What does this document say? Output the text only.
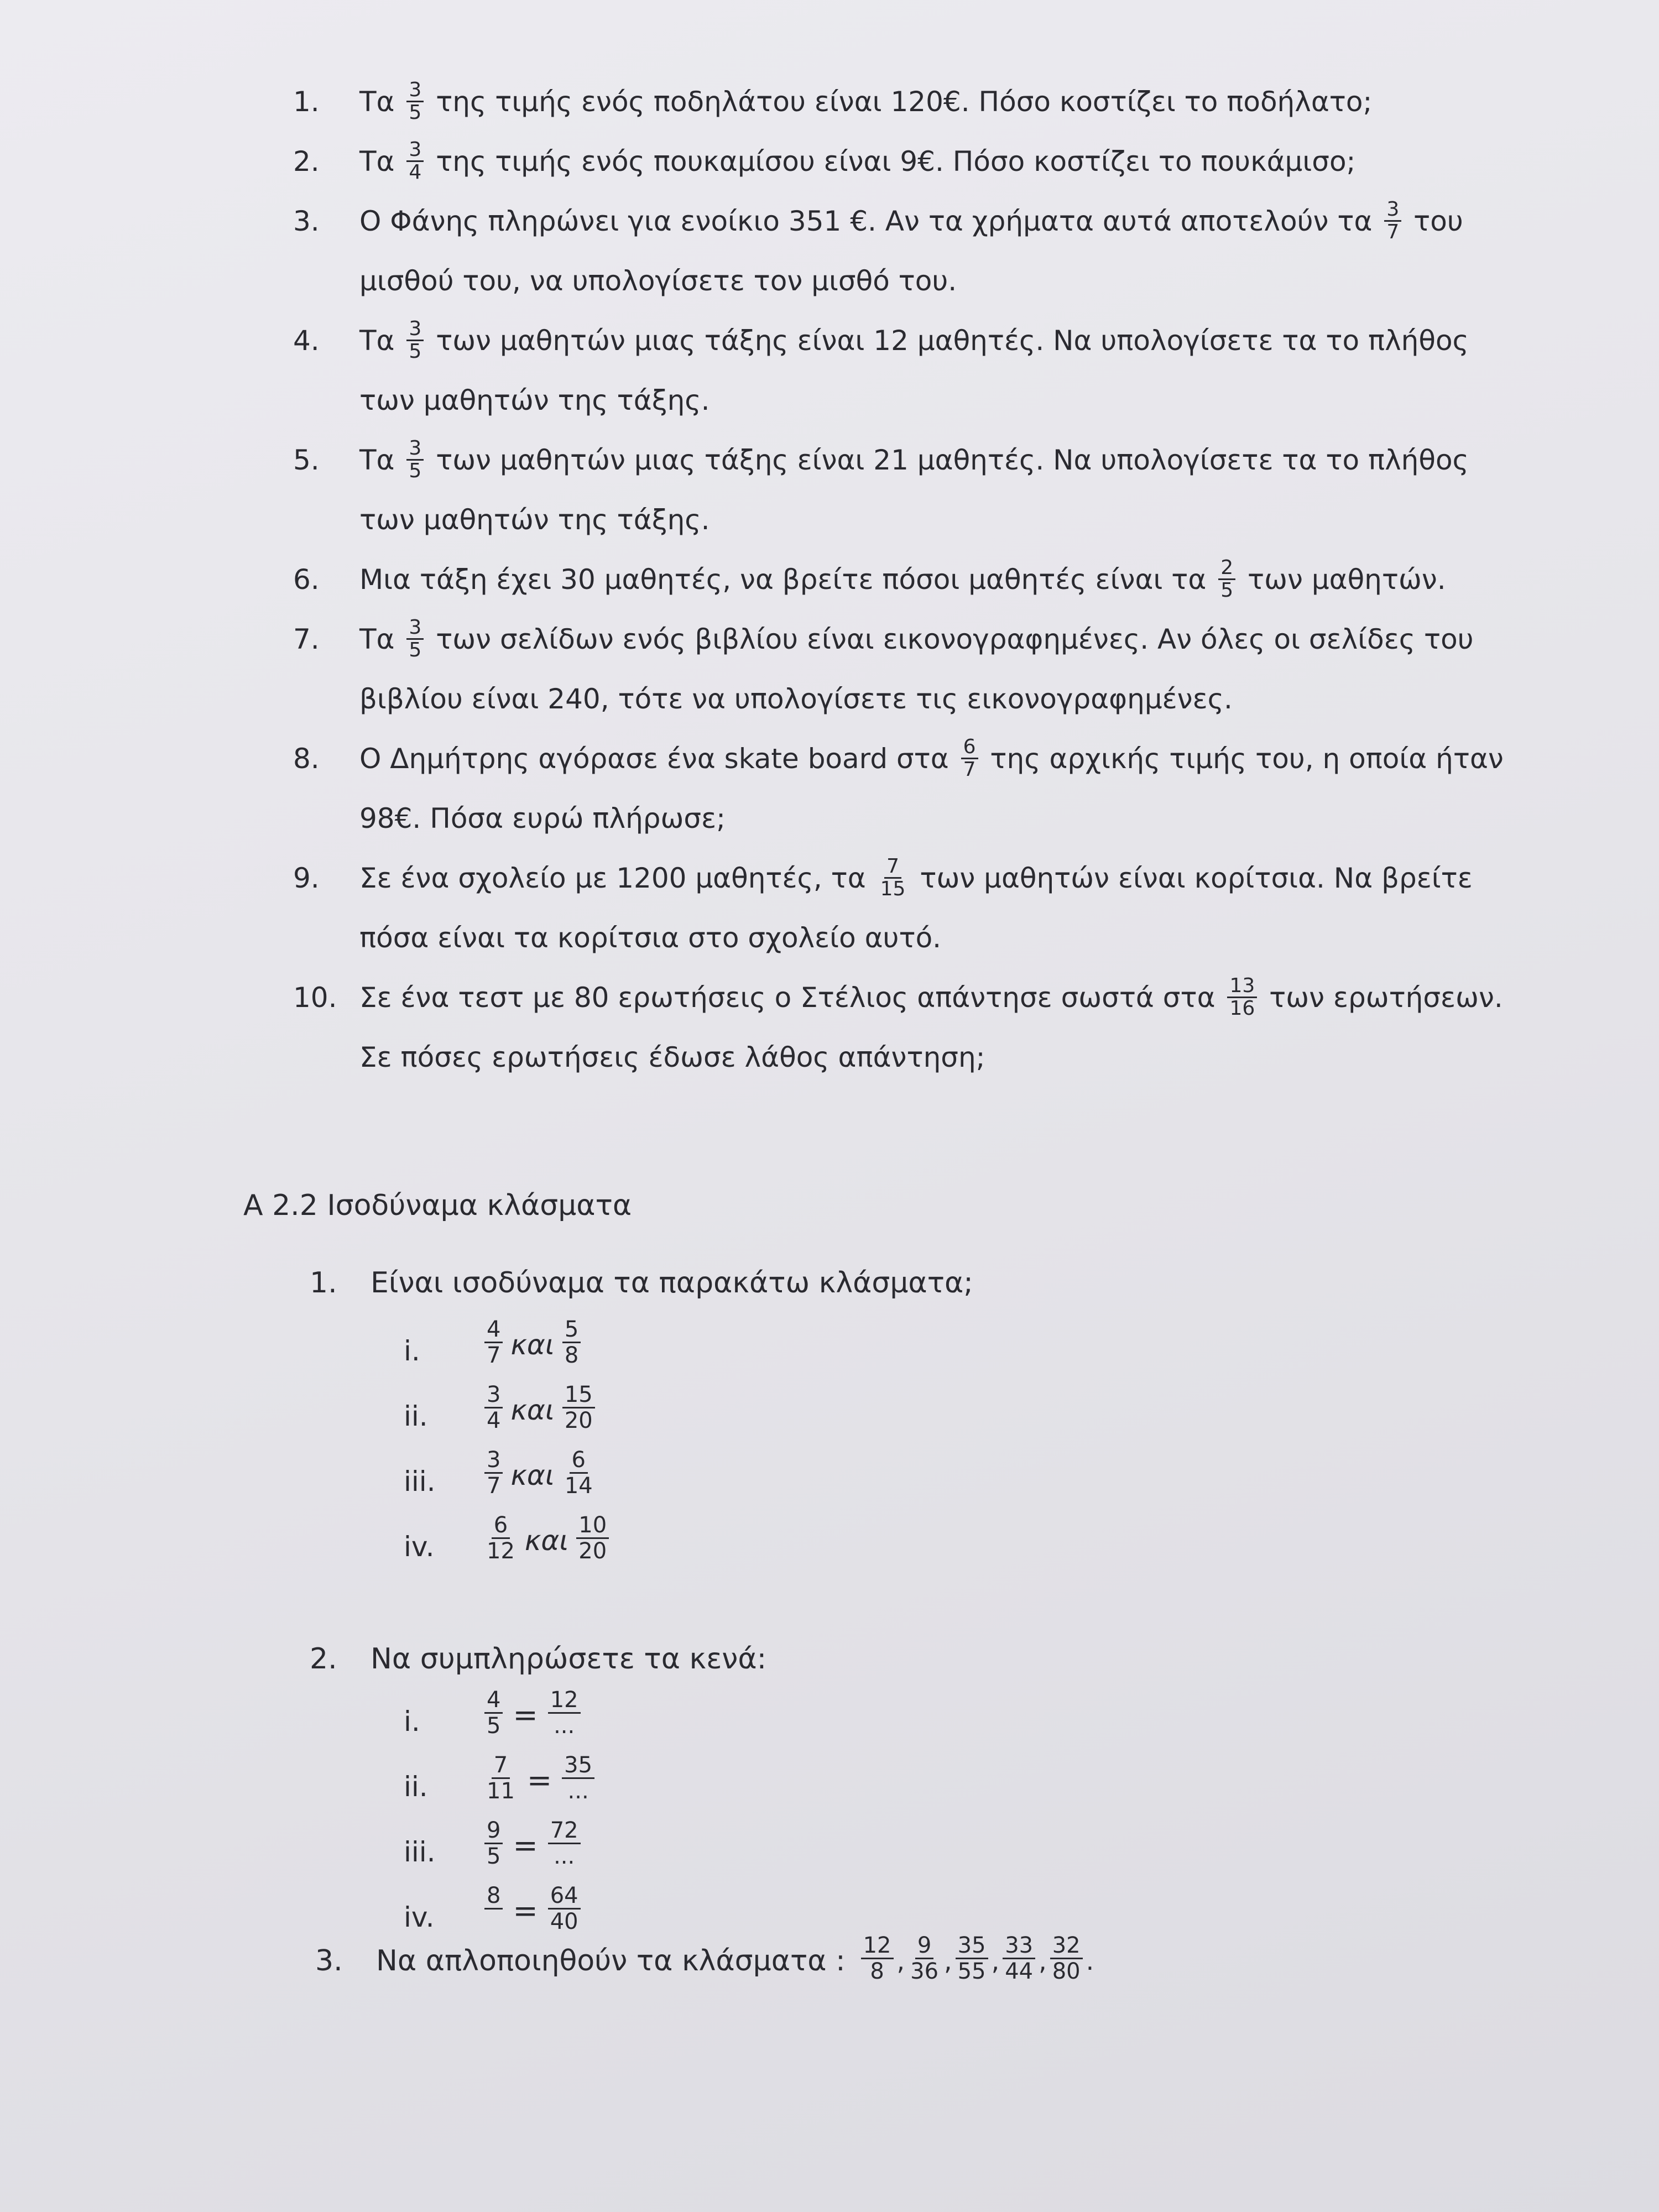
1.	Τα $\frac{3}{5}$ της τιμής ενός ποδηλάτου είναι 120€. Πόσο κοστίζει το ποδήλατο;
2.	Τα $\frac{3}{4}$ της τιμής ενός πουκαμίσου είναι 9€. Πόσο κοστίζει το πουκάμισο;
3.	Ο Φάνης πληρώνει για ενοίκιο 351 €. Αν τα χρήματα αυτά αποτελούν τα $\frac{3}{7}$ του μισθού του, να υπολογίσετε τον μισθό του.
4.	Τα $\frac{3}{5}$ των μαθητών μιας τάξης είναι 12 μαθητές. Να υπολογίσετε τα το πλήθος των μαθητών της τάξης.
5.	Τα $\frac{3}{5}$ των μαθητών μιας τάξης είναι 21 μαθητές. Να υπολογίσετε τα το πλήθος των μαθητών της τάξης.
6.	Μια τάξη έχει 30 μαθητές, να βρείτε πόσοι μαθητές είναι τα $\frac{2}{5}$ των μαθητών.
7.	Τα $\frac{3}{5}$ των σελίδων ενός βιβλίου είναι εικονογραφημένες. Αν όλες οι σελίδες του βιβλίου είναι 240, τότε να υπολογίσετε τις εικονογραφημένες.
8.	Ο Δημήτρης αγόρασε ένα skate board στα $\frac{6}{7}$ της αρχικής τιμής του, η οποία ήταν 98€. Πόσα ευρώ πλήρωσε;
9.	Σε ένα σχολείο με 1200 μαθητές, τα $\frac{7}{15}$ των μαθητών είναι κορίτσια. Να βρείτε πόσα είναι τα κορίτσια στο σχολείο αυτό.
10. Σε ένα τεστ με 80 ερωτήσεις ο Στέλιος απάντησε σωστά στα $\frac{13}{16}$ των ερωτήσεων. Σε πόσες ερωτήσεις έδωσε λάθος απάντηση;
Α 2.2 Ισοδύναμα κλάσματα
1. Είναι ισοδύναμα τα παρακάτω κλάσματα;
i.	$\frac{4}{7}$ και $\frac{5}{8}$
ii.	$\frac{3}{4}$ και $\frac{15}{20}$
iii. $\frac{3}{7}$ και $\frac{6}{14}$
iv. $\frac{6}{12}$ και $\frac{10}{20}$
2. Να συμπληρώσετε τα κενά:
i.	$\frac{4}{5} = \frac{12}{...}$
ii.	$\frac{7}{11} = \frac{35}{...}$
iii. $\frac{9}{5} = \frac{72}{...}$
iv.
8
= $\frac{64}{40}$
3.	Να απλοποιηθούν τα κλάσματα : $\frac{12}{8}$ , $\frac{9}{36}$ , $\frac{35}{55}$ , $\frac{33}{44}$ , $\frac{32}{80}$ .
